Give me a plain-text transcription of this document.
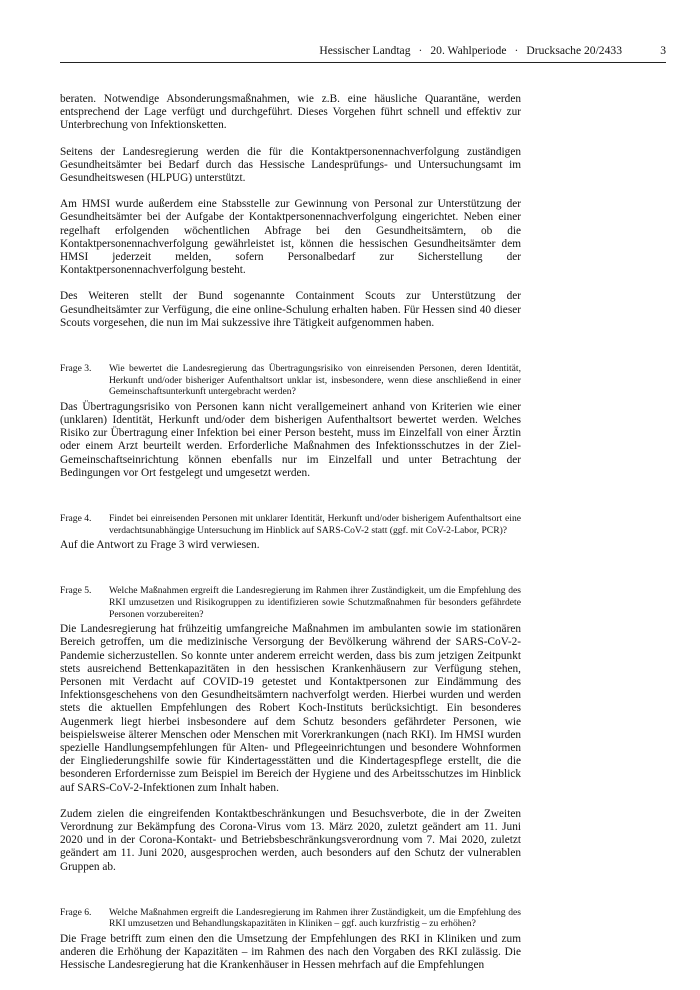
Hessischer Landtag · 20. Wahlperiode · Drucksache 20/2433	3

beraten. Notwendige Absonderungsmaßnahmen, wie z.B. eine häusliche Quarantäne, werden entsprechend der Lage verfügt und durchgeführt. Dieses Vorgehen führt schnell und effektiv zur Unterbrechung von Infektionsketten.

Seitens der Landesregierung werden die für die Kontaktpersonennachverfolgung zuständigen Gesundheitsämter bei Bedarf durch das Hessische Landesprüfungs- und Untersuchungsamt im Gesundheitswesen (HLPUG) unterstützt.

Am HMSI wurde außerdem eine Stabsstelle zur Gewinnung von Personal zur Unterstützung der Gesundheitsämter bei der Aufgabe der Kontaktpersonennachverfolgung eingerichtet. Neben einer regelhaft erfolgenden wöchentlichen Abfrage bei den Gesundheitsämtern, ob die Kontaktpersonennachverfolgung gewährleistet ist, können die hessischen Gesundheitsämter dem HMSI jederzeit melden, sofern Personalbedarf zur Sicherstellung der Kontaktpersonennachverfolgung besteht.

Des Weiteren stellt der Bund sogenannte Containment Scouts zur Unterstützung der Gesundheitsämter zur Verfügung, die eine online-Schulung erhalten haben. Für Hessen sind 40 dieser Scouts vorgesehen, die nun im Mai sukzessive ihre Tätigkeit aufgenommen haben.

Frage 3.	Wie bewertet die Landesregierung das Übertragungsrisiko von einreisenden Personen, deren Identität, Herkunft und/oder bisheriger Aufenthaltsort unklar ist, insbesondere, wenn diese anschließend in einer Gemeinschaftsunterkunft untergebracht werden?

Das Übertragungsrisiko von Personen kann nicht verallgemeinert anhand von Kriterien wie einer (unklaren) Identität, Herkunft und/oder dem bisherigen Aufenthaltsort bewertet werden. Welches Risiko zur Übertragung einer Infektion bei einer Person besteht, muss im Einzelfall von einer Ärztin oder einem Arzt beurteilt werden. Erforderliche Maßnahmen des Infektionsschutzes in der Ziel-Gemeinschaftseinrichtung können ebenfalls nur im Einzelfall und unter Betrachtung der Bedingungen vor Ort festgelegt und umgesetzt werden.

Frage 4.	Findet bei einreisenden Personen mit unklarer Identität, Herkunft und/oder bisherigem Aufenthaltsort eine verdachtsunabhängige Untersuchung im Hinblick auf SARS-CoV-2 statt (ggf. mit CoV-2-Labor, PCR)?

Auf die Antwort zu Frage 3 wird verwiesen.

Frage 5.	Welche Maßnahmen ergreift die Landesregierung im Rahmen ihrer Zuständigkeit, um die Empfehlung des RKI umzusetzen und Risikogruppen zu identifizieren sowie Schutzmaßnahmen für besonders gefährdete Personen vorzubereiten?

Die Landesregierung hat frühzeitig umfangreiche Maßnahmen im ambulanten sowie im stationären Bereich getroffen, um die medizinische Versorgung der Bevölkerung während der SARS-CoV-2-Pandemie sicherzustellen. So konnte unter anderem erreicht werden, dass bis zum jetzigen Zeitpunkt stets ausreichend Bettenkapazitäten in den hessischen Krankenhäusern zur Verfügung stehen, Personen mit Verdacht auf COVID-19 getestet und Kontaktpersonen zur Eindämmung des Infektionsgeschehens von den Gesundheitsämtern nachverfolgt werden. Hierbei wurden und werden stets die aktuellen Empfehlungen des Robert Koch-Instituts berücksichtigt. Ein besonderes Augenmerk liegt hierbei insbesondere auf dem Schutz besonders gefährdeter Personen, wie beispielsweise älterer Menschen oder Menschen mit Vorerkrankungen (nach RKI). Im HMSI wurden spezielle Handlungsempfehlungen für Alten- und Pflegeeinrichtungen und besondere Wohnformen der Eingliederungshilfe sowie für Kindertagesstätten und die Kindertagespflege erstellt, die die besonderen Erfordernisse zum Beispiel im Bereich der Hygiene und des Arbeitsschutzes im Hinblick auf SARS-CoV-2-Infektionen zum Inhalt haben.

Zudem zielen die eingreifenden Kontaktbeschränkungen und Besuchsverbote, die in der Zweiten Verordnung zur Bekämpfung des Corona-Virus vom 13. März 2020, zuletzt geändert am 11. Juni 2020 und in der Corona-Kontakt- und Betriebsbeschränkungsverordnung vom 7. Mai 2020, zuletzt geändert am 11. Juni 2020, ausgesprochen werden, auch besonders auf den Schutz der vulnerablen Gruppen ab.

Frage 6.	Welche Maßnahmen ergreift die Landesregierung im Rahmen ihrer Zuständigkeit, um die Empfehlung des RKI umzusetzen und Behandlungskapazitäten in Kliniken – ggf. auch kurzfristig – zu erhöhen?

Die Frage betrifft zum einen den die Umsetzung der Empfehlungen des RKI in Kliniken und zum anderen die Erhöhung der Kapazitäten – im Rahmen des nach den Vorgaben des RKI zulässig. Die Hessische Landesregierung hat die Krankenhäuser in Hessen mehrfach auf die Empfehlungen
